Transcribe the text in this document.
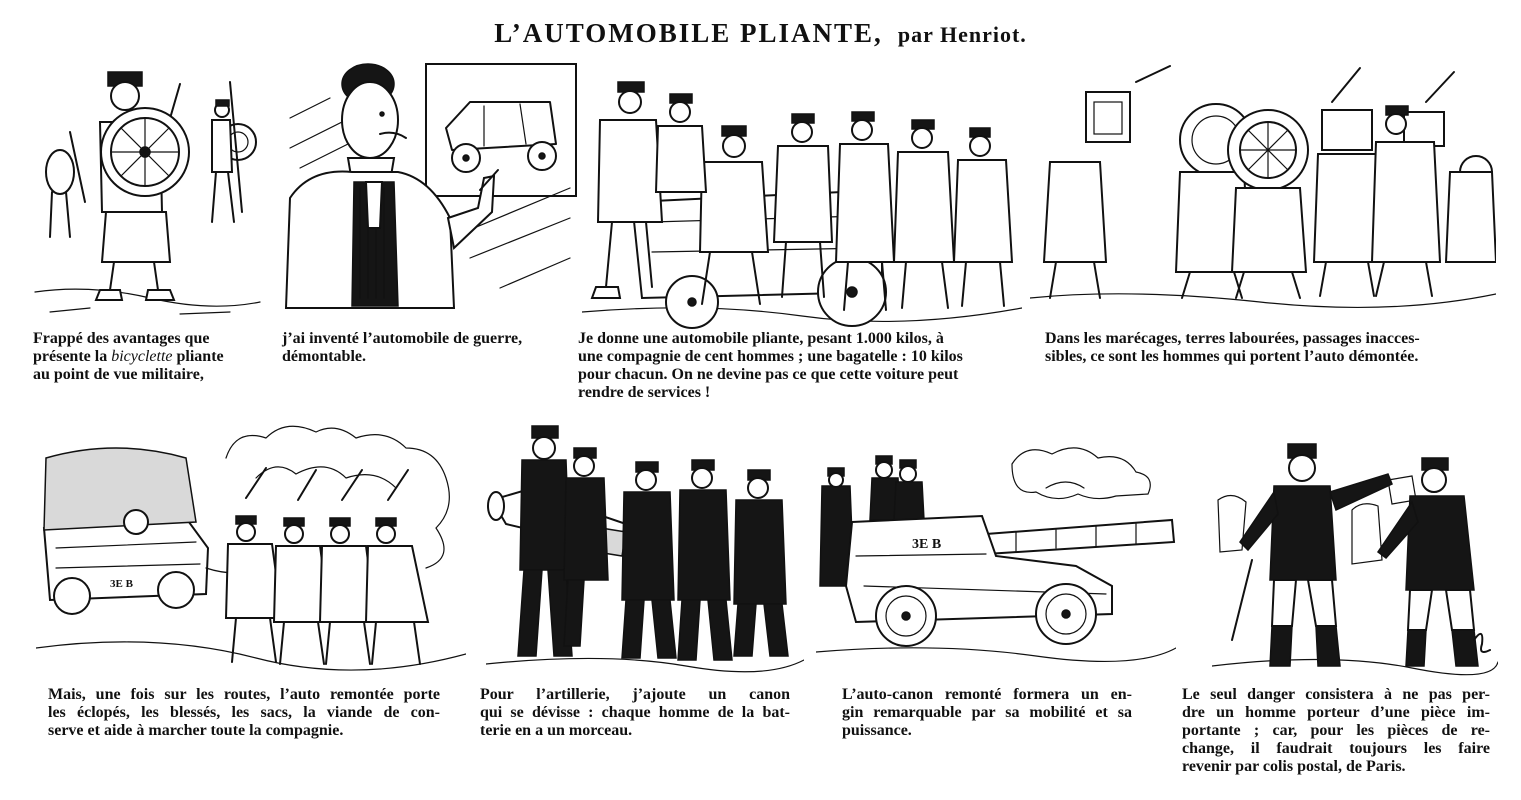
L’AUTOMOBILE PLIANTE, par Henriot.
Frappé des avantages que
présente la bicyclette pliante
au point de vue militaire,
j’ai inventé l’automobile de guerre,
démontable.
Je donne une automobile pliante, pesant 1.000 kilos, à
une compagnie de cent hommes ; une bagatelle : 10 kilos
pour chacun. On ne devine pas ce que cette voiture peut
rendre de services !
Dans les marécages, terres labourées, passages inacces-
sibles, ce sont les hommes qui portent l’auto démontée.
3E B
Mais, une fois sur les routes, l’auto remontée porte
les éclopés, les blessés, les sacs, la viande de con-
serve et aide à marcher toute la compagnie.
Pour l’artillerie, j’ajoute un canon
qui se dévisse : chaque homme de la bat-
terie en a un morceau.
L’auto-canon remonté formera un en-
gin remarquable par sa mobilité et sa
puissance.
Le seul danger consistera à ne pas per-
dre un homme porteur d’une pièce im-
portante ; car, pour les pièces de re-
change, il faudrait toujours les faire
revenir par colis postal, de Paris.
3E B
